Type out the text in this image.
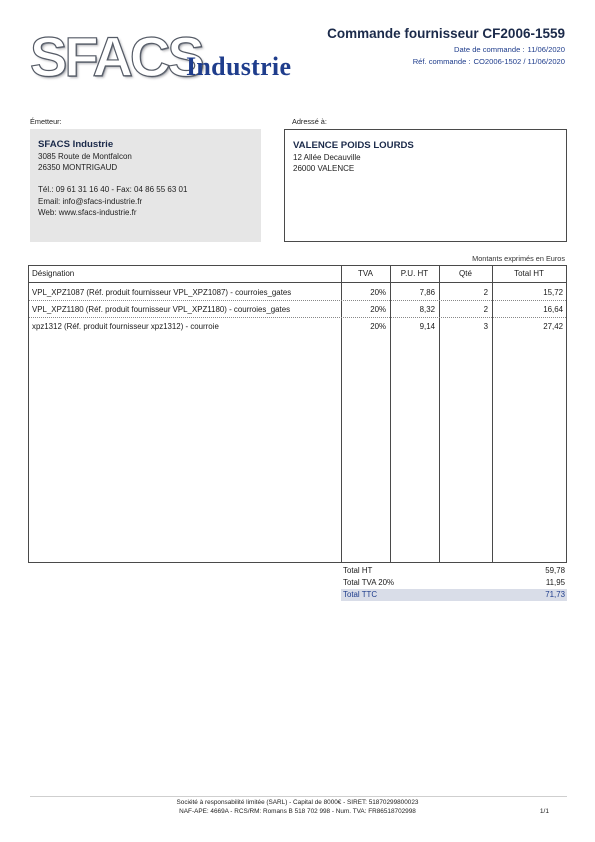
SFACS
Industrie
Commande fournisseur CF2006-1559
Date de commande : 11/06/2020
Réf. commande : CO2006-1502 / 11/06/2020
Émetteur:
SFACS Industrie
3085 Route de Montfalcon
26350 MONTRIGAUD
Tél.: 09 61 31 16 40 - Fax: 04 86 55 63 01
Email: info@sfacs-industrie.fr
Web: www.sfacs-industrie.fr
Adressé à:
VALENCE POIDS LOURDS
12 Allée Decauville
26000 VALENCE
Montants exprimés en Euros
Désignation	TVA	P.U. HT	Qté	Total HT
VPL_XPZ1087 (Réf. produit fournisseur VPL_XPZ1087) - courroies_gates	20%	7,86	2	15,72
VPL_XPZ1180 (Réf. produit fournisseur VPL_XPZ1180) - courroies_gates	20%	8,32	2	16,64
xpz1312 (Réf. produit fournisseur xpz1312) - courroie	20%	9,14	3	27,42
Total HT	59,78
Total TVA 20%	11,95
Total TTC	71,73
Société à responsabilité limitée (SARL) - Capital de 8000€ - SIRET: 51870299800023
NAF-APE: 4669A - RCS/RM: Romans B 518 702 998 - Num. TVA: FR86518702998	1/1
